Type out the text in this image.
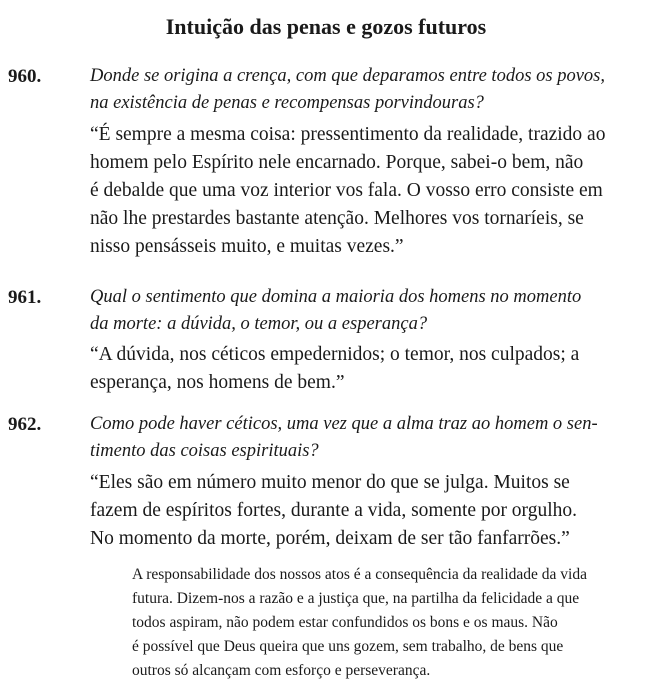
Intuição das penas e gozos futuros
960.	Donde se origina a crença, com que deparamos entre todos os povos,
na existência de penas e recompensas porvindouras?
“É sempre a mesma coisa: pressentimento da realidade, trazido ao
homem pelo Espírito nele encarnado. Porque, sabei-o bem, não
é debalde que uma voz interior vos fala. O vosso erro consiste em
não lhe prestardes bastante atenção. Melhores vos tornaríeis, se
nisso pensásseis muito, e muitas vezes.”
961.	Qual o sentimento que domina a maioria dos homens no momento
da morte: a dúvida, o temor, ou a esperança?
“A dúvida, nos céticos empedernidos; o temor, nos culpados; a
esperança, nos homens de bem.”
962.	Como pode haver céticos, uma vez que a alma traz ao homem o sen-
timento das coisas espirituais?
“Eles são em número muito menor do que se julga. Muitos se
fazem de espíritos fortes, durante a vida, somente por orgulho.
No momento da morte, porém, deixam de ser tão fanfarrões.”
A responsabilidade dos nossos atos é a consequência da realidade da vida
futura. Dizem-nos a razão e a justiça que, na partilha da felicidade a que
todos aspiram, não podem estar confundidos os bons e os maus. Não
é possível que Deus queira que uns gozem, sem trabalho, de bens que
outros só alcançam com esforço e perseverança.
